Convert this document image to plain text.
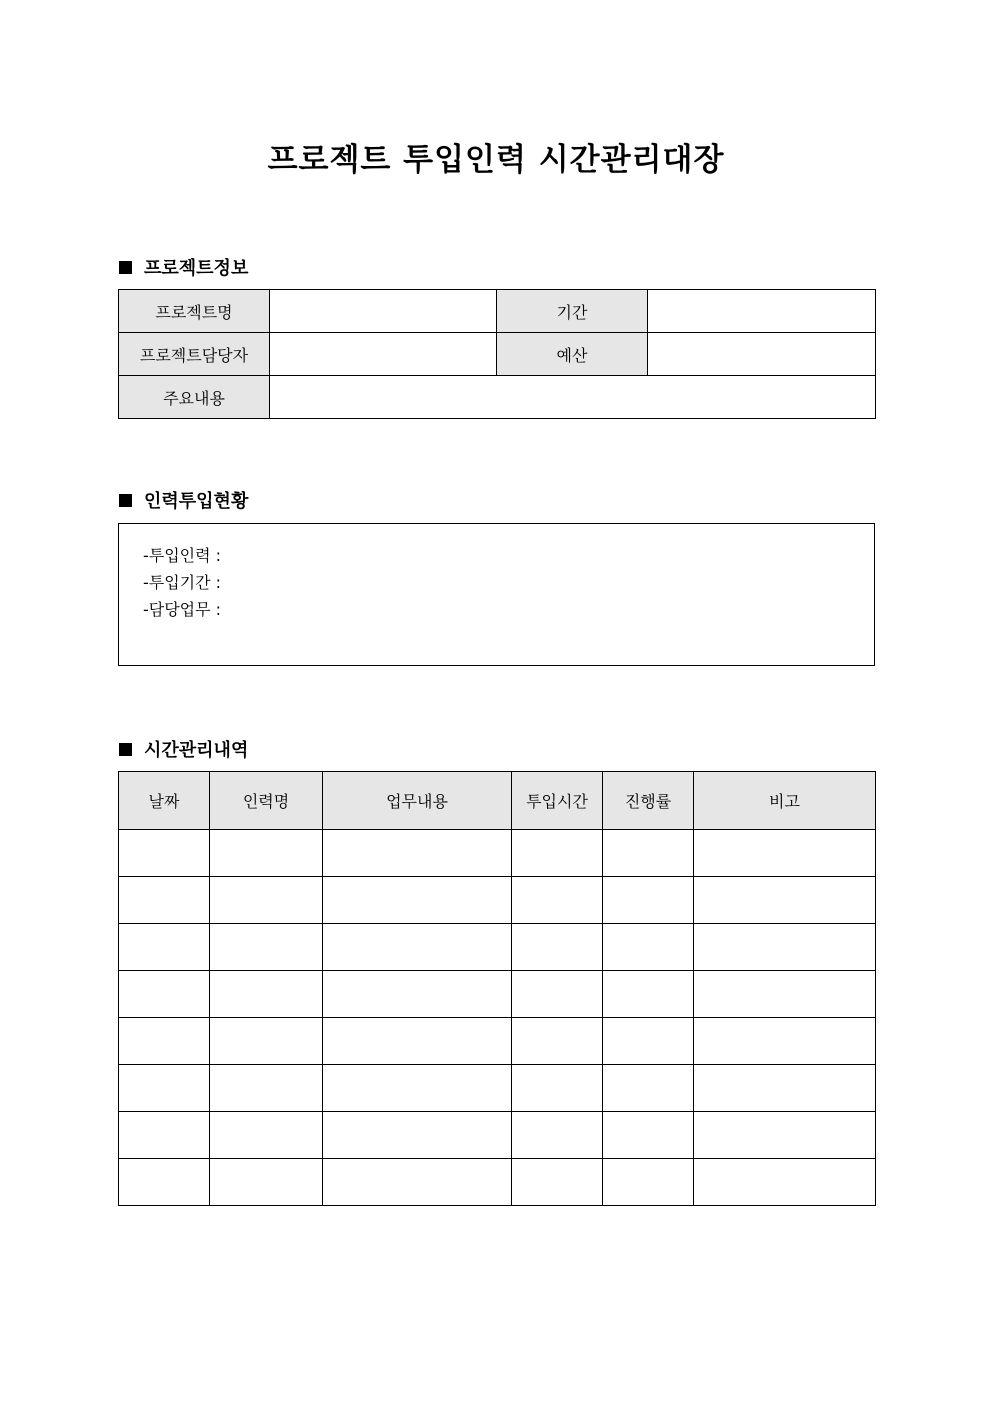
프로젝트 투입인력 시간관리대장
프로젝트정보
프로젝트명		기간	
프로젝트담당자		예산	
주요내용			
인력투입현황
-투입인력 :
-투입기간 :
-담당업무 :
시간관리내역
날짜	인력명	업무내용	투입시간	진행률	비고
